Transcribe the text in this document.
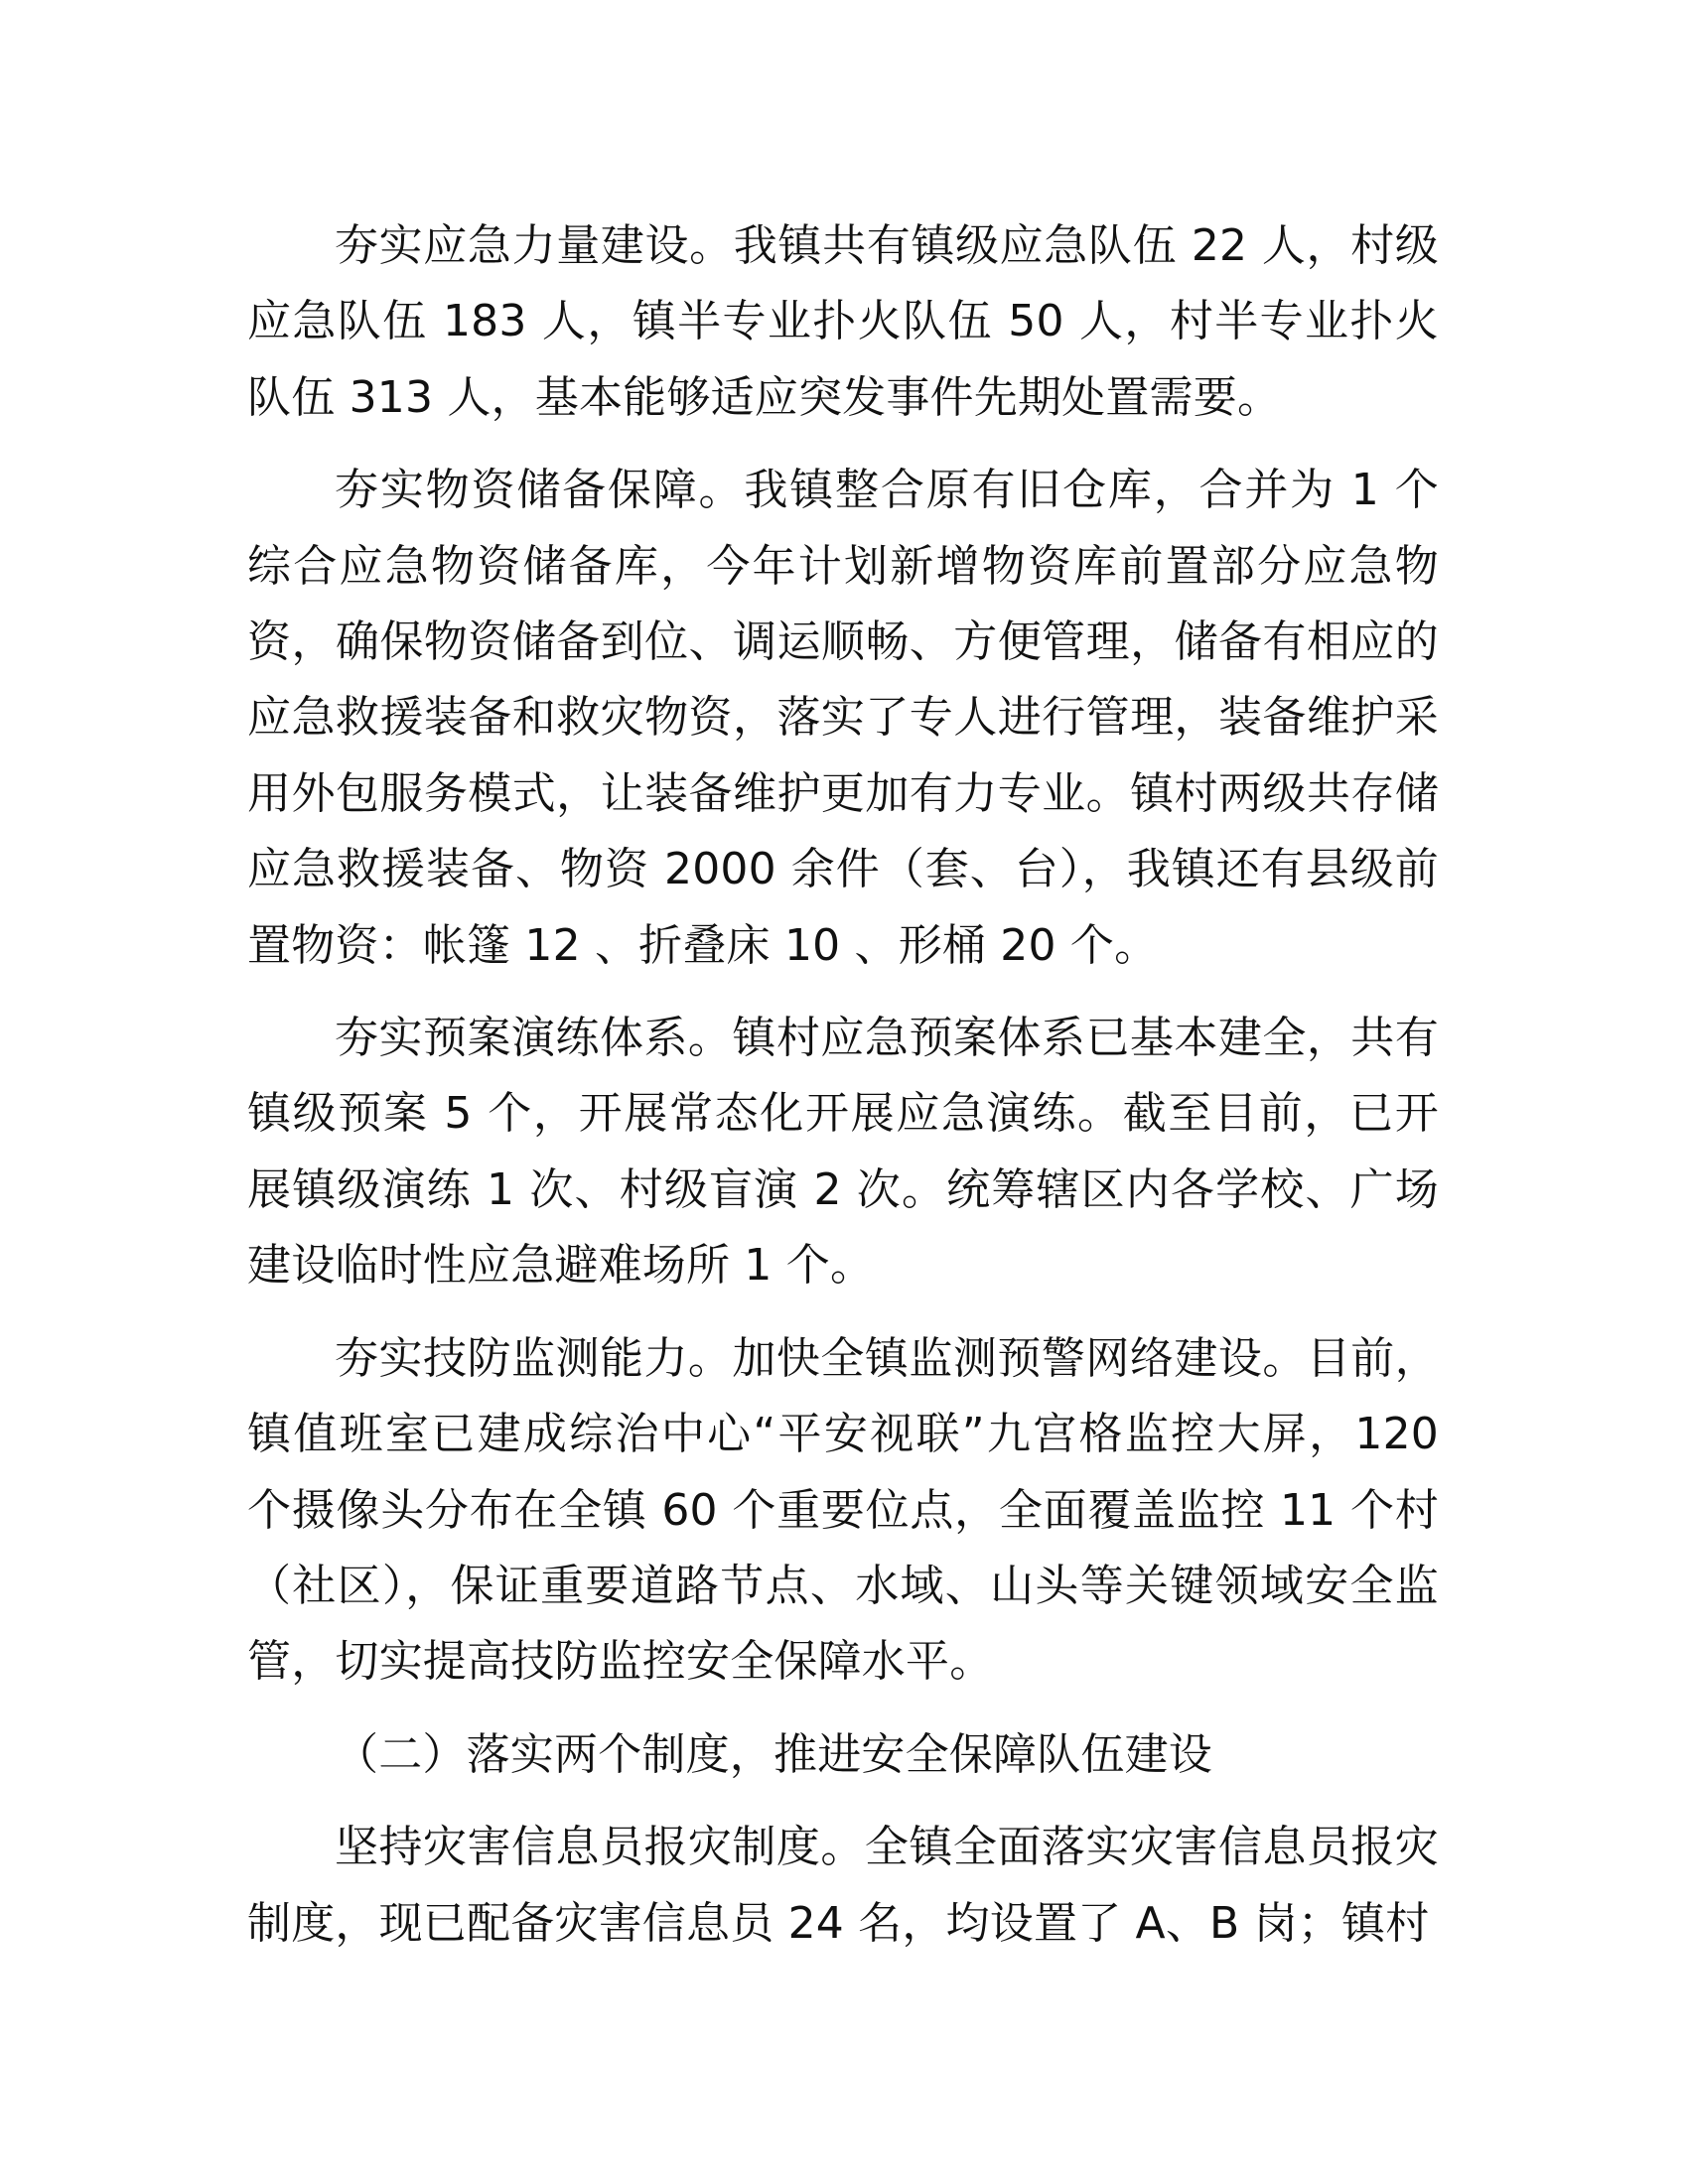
夯实应急力量建设。我镇共有镇级应急队伍 22 人，村级应急队伍 183 人，镇半专业扑火队伍 50 人，村半专业扑火队伍 313 人，基本能够适应突发事件先期处置需要。

夯实物资储备保障。我镇整合原有旧仓库，合并为 1 个综合应急物资储备库，今年计划新增物资库前置部分应急物资，确保物资储备到位、调运顺畅、方便管理，储备有相应的应急救援装备和救灾物资，落实了专人进行管理，装备维护采用外包服务模式，让装备维护更加有力专业。镇村两级共存储应急救援装备、物资 2000 余件（套、台），我镇还有县级前置物资：帐篷 12 、折叠床 10 、形桶 20 个。

夯实预案演练体系。镇村应急预案体系已基本建全，共有镇级预案 5 个，开展常态化开展应急演练。截至目前，已开展镇级演练 1 次、村级盲演 2 次。统筹辖区内各学校、广场建设临时性应急避难场所 1 个。

夯实技防监测能力。加快全镇监测预警网络建设。目前，镇值班室已建成综治中心“平安视联”九宫格监控大屏，120 个摄像头分布在全镇 60 个重要位点，全面覆盖监控 11 个村（社区），保证重要道路节点、水域、山头等关键领域安全监管，切实提高技防监控安全保障水平。

（二）落实两个制度，推进安全保障队伍建设

坚持灾害信息员报灾制度。全镇全面落实灾害信息员报灾制度，现已配备灾害信息员 24 名，均设置了 A、B 岗；镇村
